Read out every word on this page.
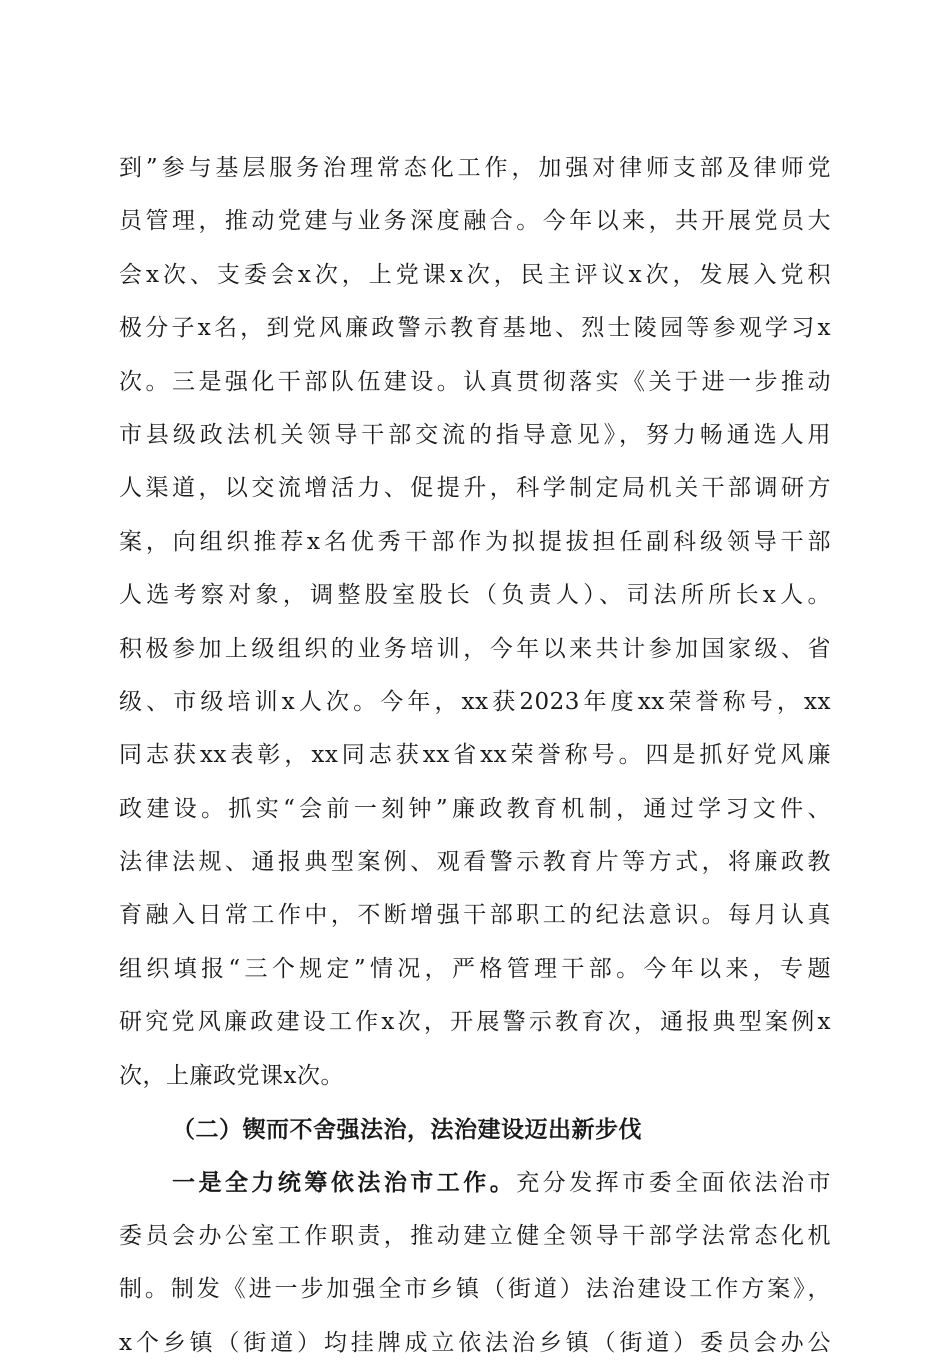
到”参与基层服务治理常态化工作，加强对律师支部及律师党
员管理，推动党建与业务深度融合。今年以来，共开展党员大
会x次、支委会x次，上党课x次，民主评议x次，发展入党积
极分子x名，到党风廉政警示教育基地、烈士陵园等参观学习x
次。三是强化干部队伍建设。认真贯彻落实《关于进一步推动
市县级政法机关领导干部交流的指导意见》，努力畅通选人用
人渠道，以交流增活力、促提升，科学制定局机关干部调研方
案，向组织推荐x名优秀干部作为拟提拔担任副科级领导干部
人选考察对象，调整股室股长（负责人）、司法所所长x人。
积极参加上级组织的业务培训，今年以来共计参加国家级、省
级、市级培训x人次。今年，xx获2023年度xx荣誉称号，xx
同志获xx表彰，xx同志获xx省xx荣誉称号。四是抓好党风廉
政建设。抓实“会前一刻钟”廉政教育机制，通过学习文件、
法律法规、通报典型案例、观看警示教育片等方式，将廉政教
育融入日常工作中，不断增强干部职工的纪法意识。每月认真
组织填报“三个规定”情况，严格管理干部。今年以来，专题
研究党风廉政建设工作x次，开展警示教育次，通报典型案例x
次，上廉政党课x次。
（二）锲而不舍强法治，法治建设迈出新步伐
一是全力统筹依法治市工作。充分发挥市委全面依法治市
委员会办公室工作职责，推动建立健全领导干部学法常态化机
制。制发《进一步加强全市乡镇（街道）法治建设工作方案》，
x个乡镇（街道）均挂牌成立依法治乡镇（街道）委员会办公
